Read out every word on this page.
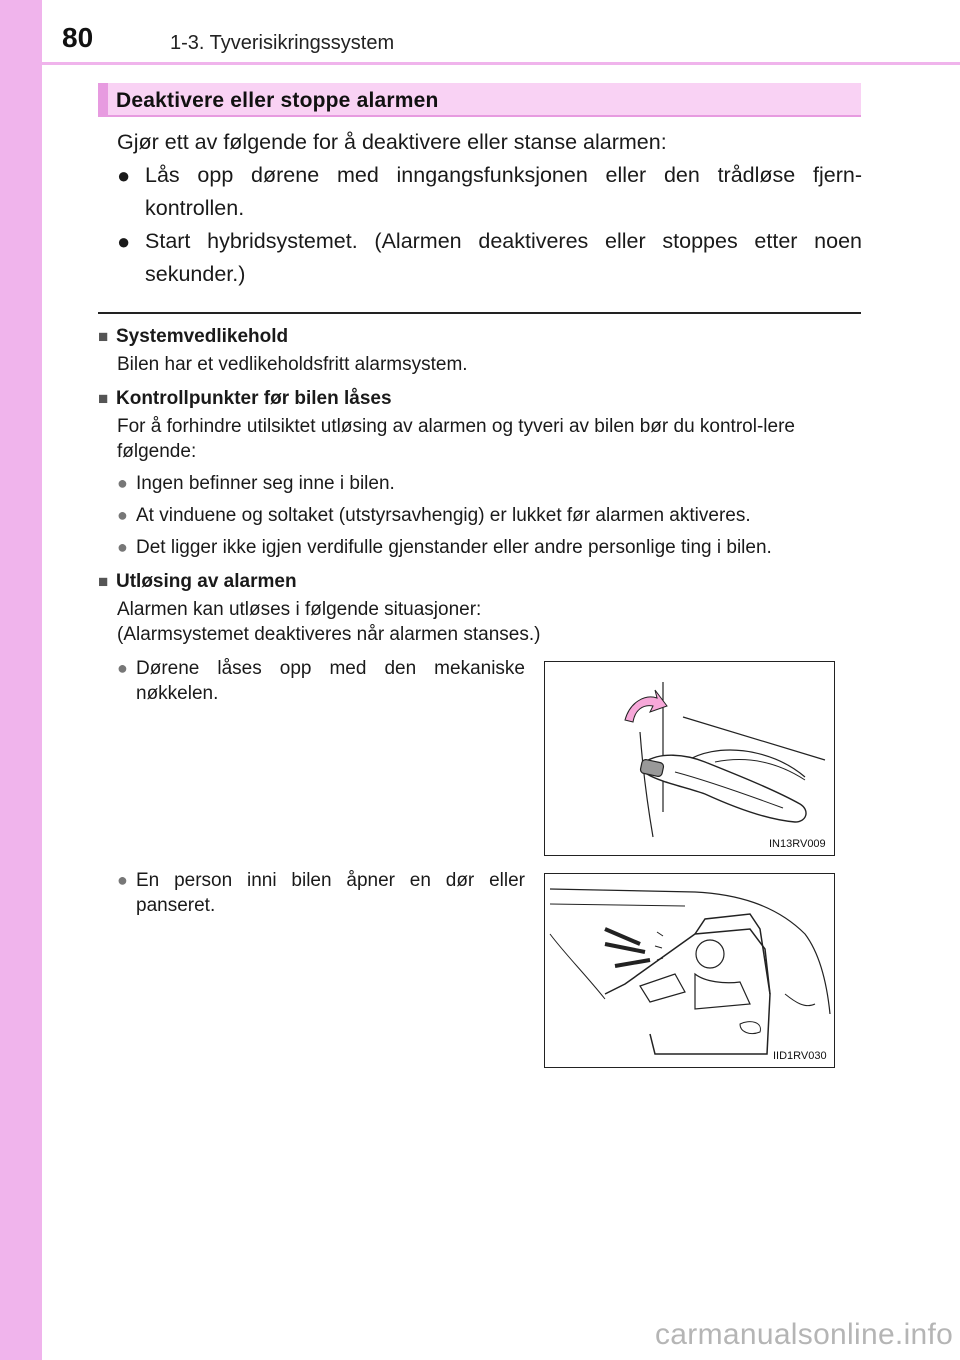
80	1-3. Tyverisikringssystem
Deaktivere eller stoppe alarmen

Gjør ett av følgende for å deaktivere eller stanse alarmen:

● Lås opp dørene med inngangsfunksjonen eller den trådløse fjern-kontrollen.
● Start hybridsystemet. (Alarmen deaktiveres eller stoppes etter noen sekunder.)
■ Systemvedlikehold

Bilen har et vedlikeholdsfritt alarmsystem.

■ Kontrollpunkter før bilen låses

For å forhindre utilsiktet utløsing av alarmen og tyveri av bilen bør du kontrol-lere følgende:

● Ingen befinner seg inne i bilen.
● At vinduene og soltaket (utstyrsavhengig) er lukket før alarmen aktiveres.
● Det ligger ikke igjen verdifulle gjenstander eller andre personlige ting i bilen.
■ Utløsing av alarmen

Alarmen kan utløses i følgende situasjoner:

(Alarmsystemet deaktiveres når alarmen stanses.)

● Dørene låses opp med den mekaniske nøkkelen.
IN13RV009
● En person inni bilen åpner en dør eller panseret.
IID1RV030
carmanualsonline.info
